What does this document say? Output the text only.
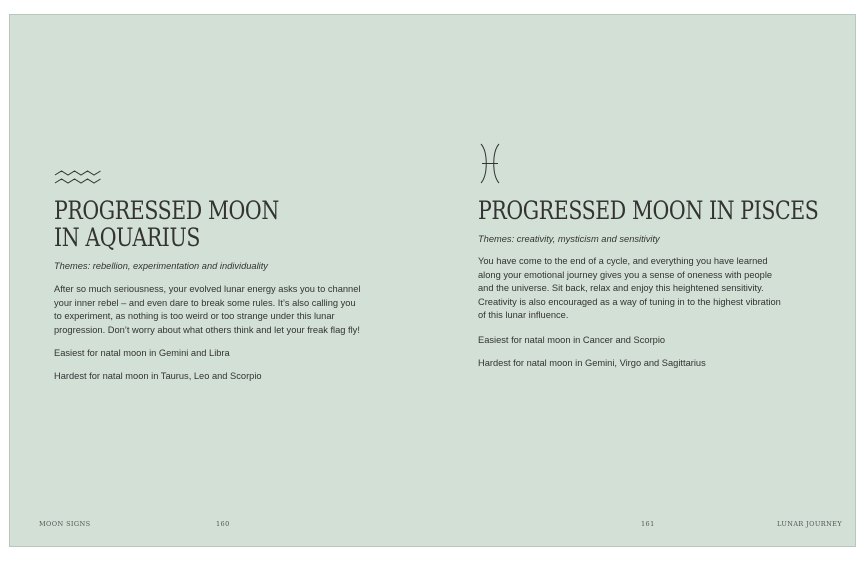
PROGRESSED MOON
IN AQUARIUS

Themes: rebellion, experimentation and individuality

After so much seriousness, your evolved lunar energy asks you to channel
your inner rebel – and even dare to break some rules. It’s also calling you
to experiment, as nothing is too weird or too strange under this lunar
progression. Don’t worry about what others think and let your freak flag fly!

Easiest for natal moon in Gemini and Libra

Hardest for natal moon in Taurus, Leo and Scorpio

MOON SIGNS	160

PROGRESSED MOON IN PISCES

Themes: creativity, mysticism and sensitivity

You have come to the end of a cycle, and everything you have learned
along your emotional journey gives you a sense of oneness with people
and the universe. Sit back, relax and enjoy this heightened sensitivity.
Creativity is also encouraged as a way of tuning in to the highest vibration
of this lunar influence.

Easiest for natal moon in Cancer and Scorpio

Hardest for natal moon in Gemini, Virgo and Sagittarius

161	LUNAR JOURNEY
